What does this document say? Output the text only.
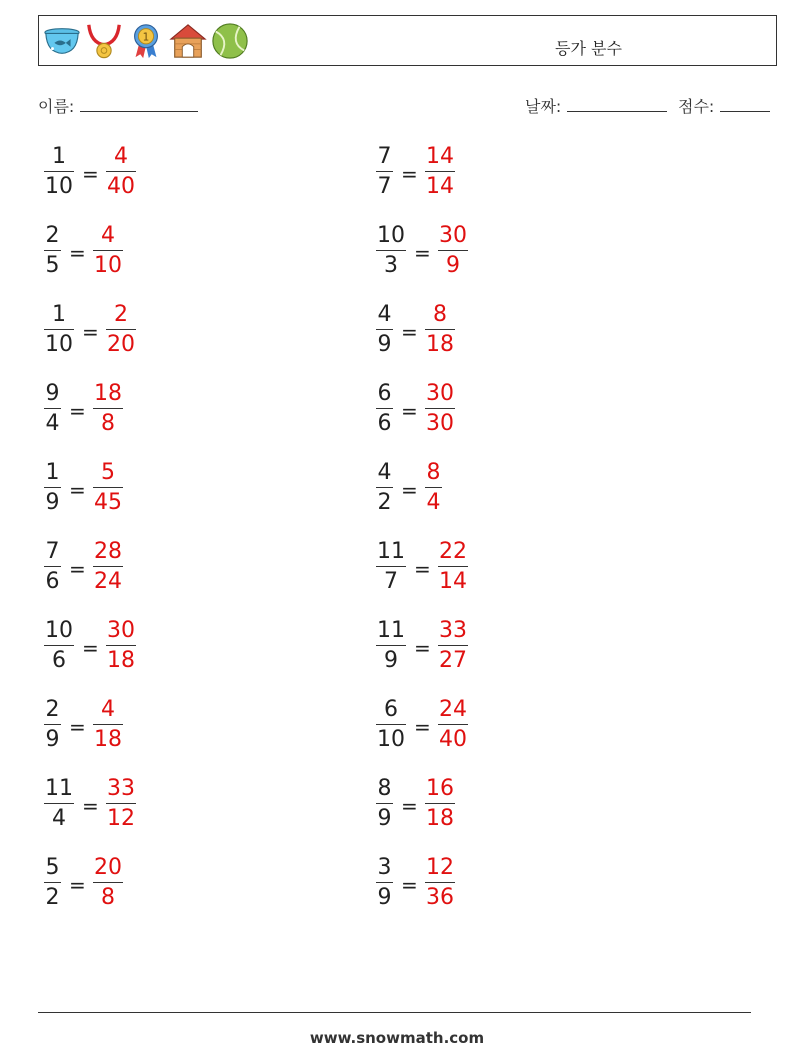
1
등가 분수
이름:	날짜:	점수:
1
10 =
4
40
2
5 =
4
10
1
10 =
2
20
9
4 =
18
8
1
9 =
5
45
7
6 =
28
24
10
6 =
30
18
2
9 =
4
18
11
4 =
33
12
5
2 =
20
8
7
7 =
14
14
10
3 =
30
9
4
9 =
8
18
6
6 =
30
30
4
2 =
8
4
11
7 =
22
14
11
9 =
33
27
6
10 =
24
40
8
9 =
16
18
3
9 =
12
36
www.snowmath.com
